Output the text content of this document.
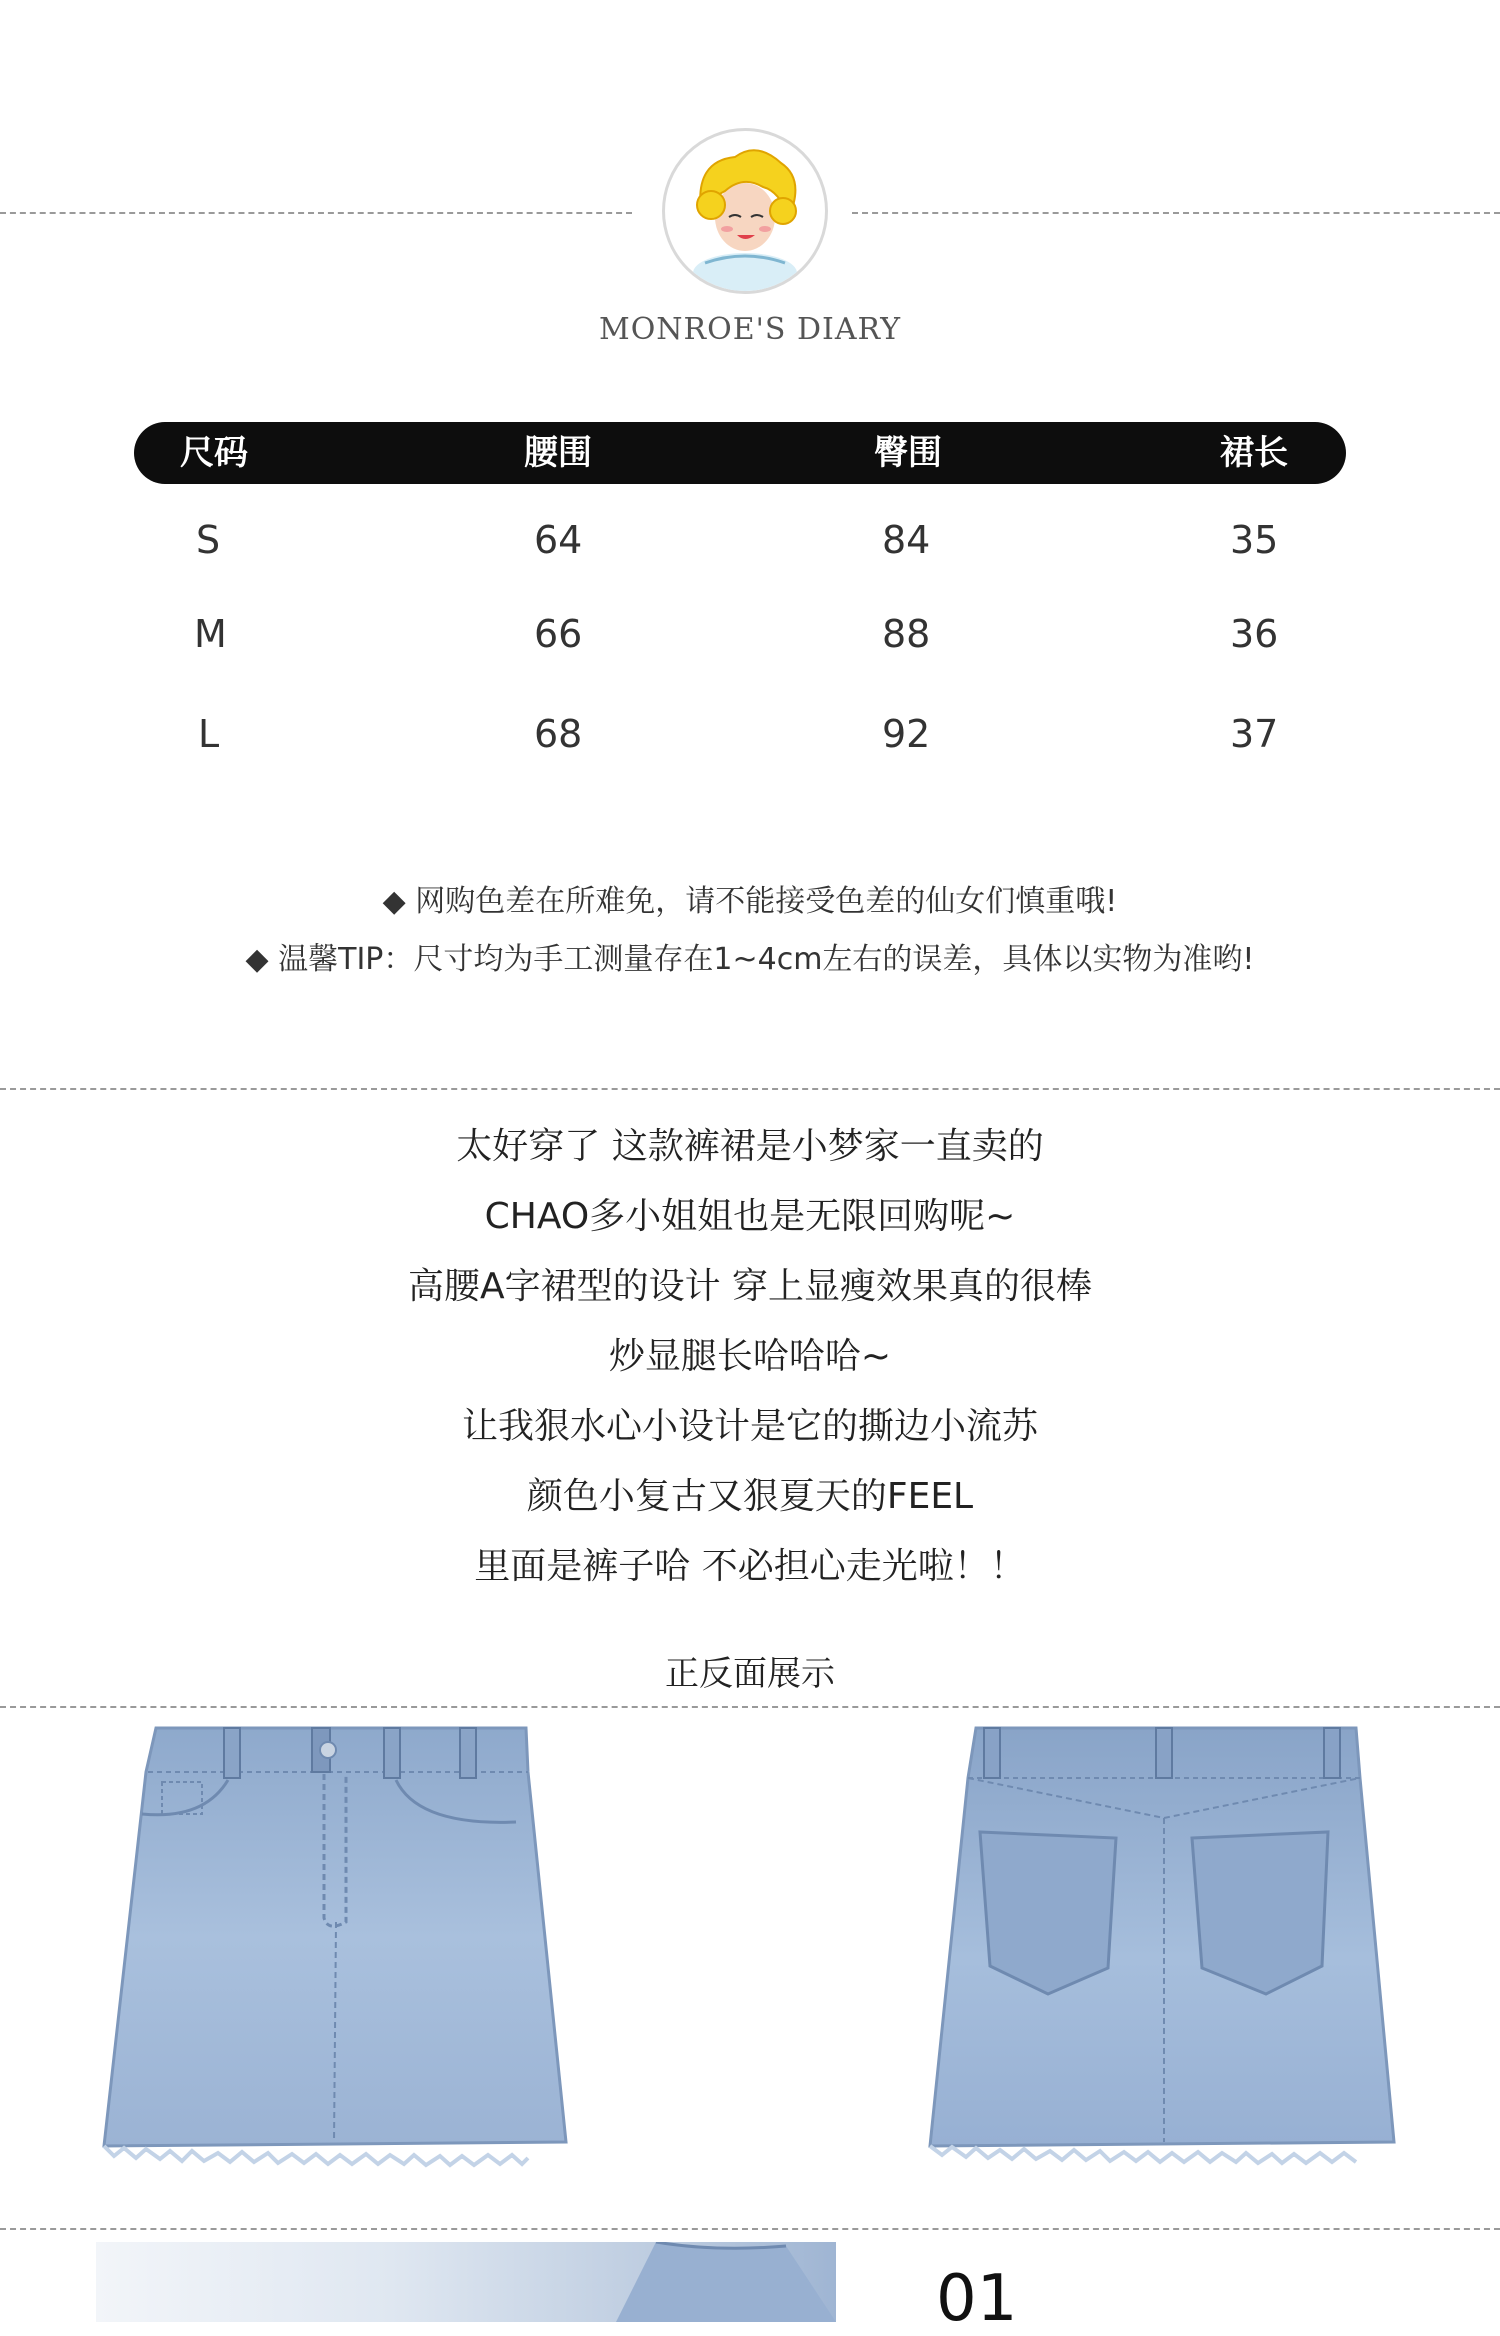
MONROE'S DIARY
尺码	腰围	臀围	裙长
S	64	84	35
M	66	88	36
L	68	92	37
◆ 网购色差在所难免，请不能接受色差的仙女们慎重哦!
◆ 温馨TIP：尺寸均为手工测量存在1~4cm左右的误差，具体以实物为准哟!
太好穿了 这款裤裙是小梦家一直卖的
CHAO多小姐姐也是无限回购呢~
高腰A字裙型的设计 穿上显瘦效果真的很棒
炒显腿长哈哈哈~
让我狠水心小设计是它的撕边小流苏
颜色小复古又狠夏天的FEEL
里面是裤子哈 不必担心走光啦！！
正反面展示
01
